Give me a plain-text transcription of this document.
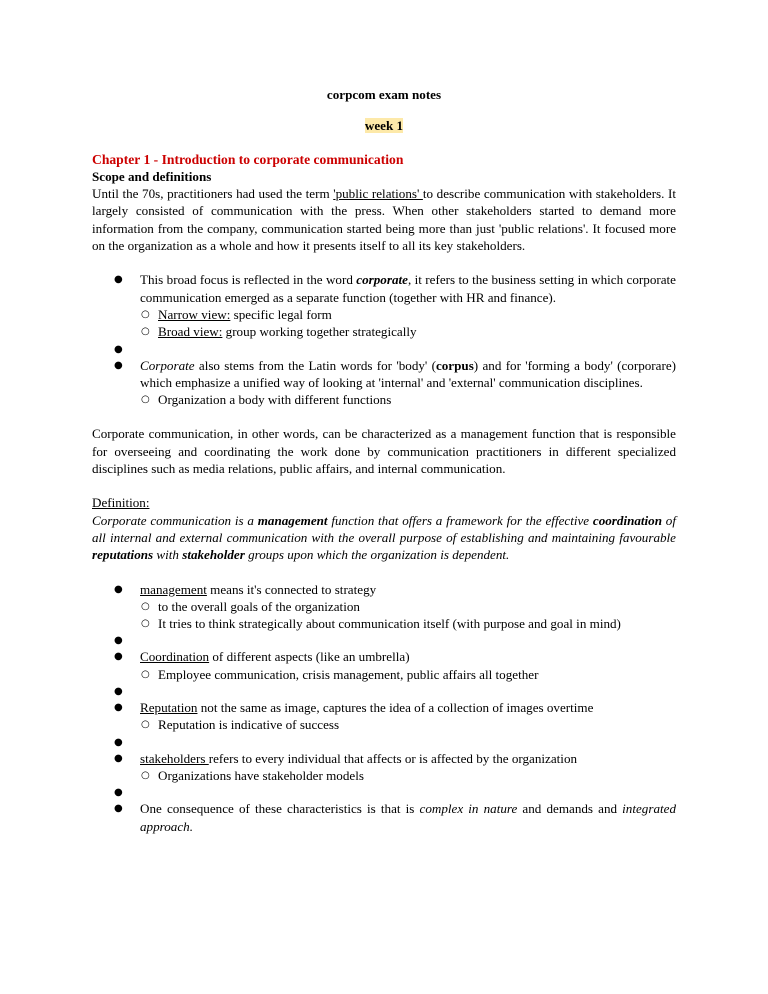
corpcom exam notes
week 1
Chapter 1 - Introduction to corporate communication
Scope and definitions

Until the 70s, practitioners had used the term 'public relations' to describe communication with stakeholders. It largely consisted of communication with the press. When other stakeholders started to demand more information from the company, communication started being more than just 'public relations'. It focused more on the organization as a whole and how it presents itself to all its key stakeholders.

● This broad focus is reflected in the word corporate, it refers to the business setting in which corporate communication emerged as a separate function (together with HR and finance).
○ Narrow view: specific legal form
○ Broad view: group working together strategically
●
● Corporate also stems from the Latin words for 'body' (corpus) and for 'forming a body' (corporare) which emphasize a unified way of looking at 'internal' and 'external' communication disciplines.
○ Organization a body with different functions

Corporate communication, in other words, can be characterized as a management function that is responsible for overseeing and coordinating the work done by communication practitioners in different specialized disciplines such as media relations, public affairs, and internal communication.

Definition:

Corporate communication is a management function that offers a framework for the effective coordination of all internal and external communication with the overall purpose of establishing and maintaining favourable reputations with stakeholder groups upon which the organization is dependent.

● management means it's connected to strategy
○ to the overall goals of the organization
○ It tries to think strategically about communication itself (with purpose and goal in mind)
●
● Coordination of different aspects (like an umbrella)
○ Employee communication, crisis management, public affairs all together
●
● Reputation not the same as image, captures the idea of a collection of images overtime
○ Reputation is indicative of success
●
● stakeholders refers to every individual that affects or is affected by the organization
○ Organizations have stakeholder models
●
● One consequence of these characteristics is that is complex in nature and demands and integrated approach.
